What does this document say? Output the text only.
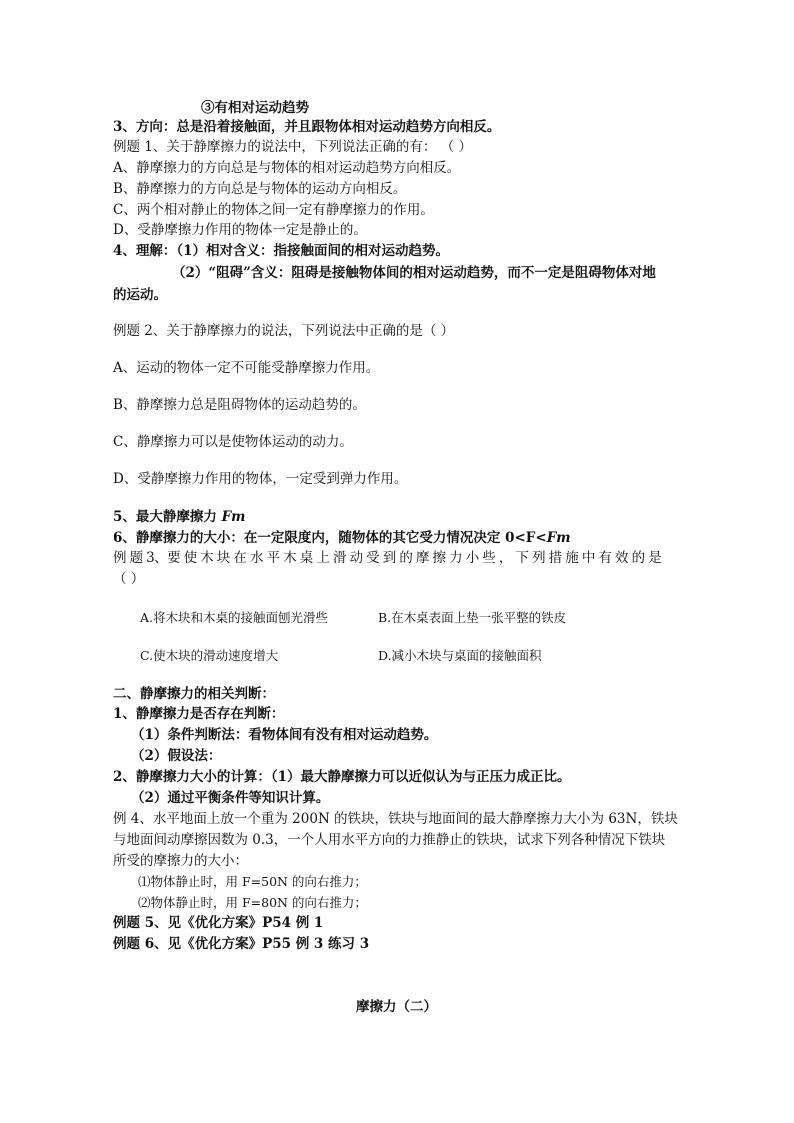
③有相对运动趋势
3、方向：总是沿着接触面，并且跟物体相对运动趋势方向相反。
例题 1、关于静摩擦力的说法中，下列说法正确的有： （ ）
A、静摩擦力的方向总是与物体的相对运动趋势方向相反。
B、静摩擦力的方向总是与物体的运动方向相反。
C、两个相对静止的物体之间一定有静摩擦力的作用。
D、受静摩擦力作用的物体一定是静止的。
4、理解：（1）相对含义：指接触面间的相对运动趋势。
（2）“阻碍”含义：阻碍是接触物体间的相对运动趋势，而不一定是阻碍物体对地
的运动。
例题 2、关于静摩擦力的说法，下列说法中正确的是（ ）
A、运动的物体一定不可能受静摩擦力作用。
B、静摩擦力总是阻碍物体的运动趋势的。
C、静摩擦力可以是使物体运动的动力。
D、受静摩擦力作用的物体，一定受到弹力作用。
5、最大静摩擦力 Fm
6、静摩擦力的大小：在一定限度内，随物体的其它受力情况决定 0<F<Fm
例 题 3、要 使 木 块 在 水 平 木 桌 上 滑 动 受 到 的 摩 擦 力 小 些 ， 下 列 措 施 中 有 效 的 是
（ ）
A.将木块和木桌的接触面刨光滑些	B.在木桌表面上垫一张平整的铁皮
C.使木块的滑动速度增大	D.减小木块与桌面的接触面积
二、静摩擦力的相关判断：
1、静摩擦力是否存在判断：
（1）条件判断法：看物体间有没有相对运动趋势。
（2）假设法：
2、静摩擦力大小的计算：（1）最大静摩擦力可以近似认为与正压力成正比。
（2）通过平衡条件等知识计算。
例 4、水平地面上放一个重为 200N 的铁块，铁块与地面间的最大静摩擦力大小为 63N，铁块
与地面间动摩擦因数为 0.3，一个人用水平方向的力推静止的铁块，试求下列各种情况下铁块
所受的摩擦力的大小：
⑴物体静止时，用 F=50N 的向右推力；
⑵物体静止时，用 F=80N 的向右推力；
例题 5、见《优化方案》P54 例 1
例题 6、见《优化方案》P55 例 3 练习 3
摩擦力（二）
